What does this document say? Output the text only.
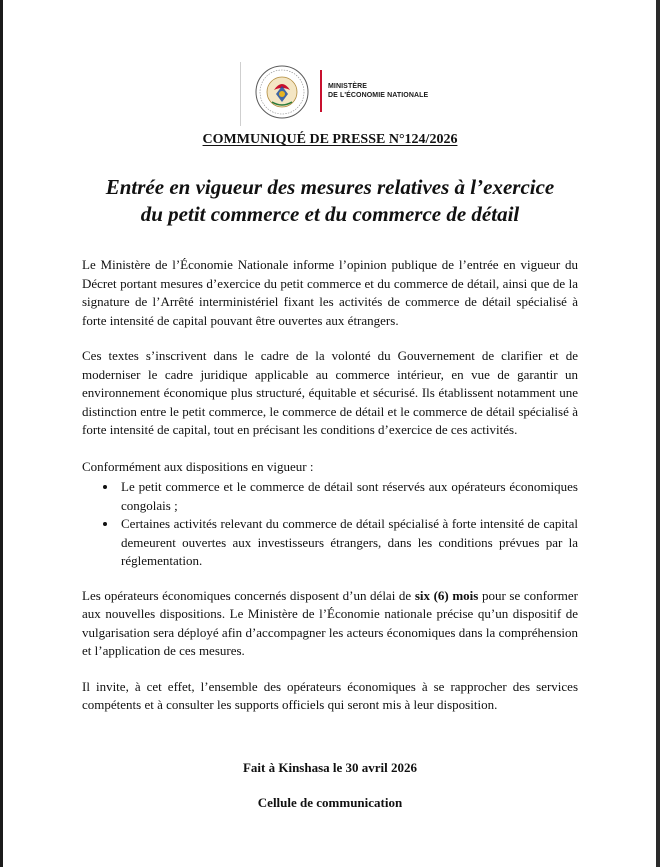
MINISTÈRE
DE L'ÉCONOMIE NATIONALE
COMMUNIQUÉ DE PRESSE N°124/2026
Entrée en vigueur des mesures relatives à l’exercice
du petit commerce et du commerce de détail

Le Ministère de l’Économie Nationale informe l’opinion publique de l’entrée en vigueur du Décret portant mesures d’exercice du petit commerce et du commerce de détail, ainsi que de la signature de l’Arrêté interministériel fixant les activités de commerce de détail spécialisé à forte intensité de capital pouvant être ouvertes aux étrangers.

Ces textes s’inscrivent dans le cadre de la volonté du Gouvernement de clarifier et de moderniser le cadre juridique applicable au commerce intérieur, en vue de garantir un environnement économique plus structuré, équitable et sécurisé. Ils établissent notamment une distinction entre le petit commerce, le commerce de détail et le commerce de détail spécialisé à forte intensité de capital, tout en précisant les conditions d’exercice de ces activités.

Conformément aux dispositions en vigueur :

• Le petit commerce et le commerce de détail sont réservés aux opérateurs économiques congolais ;
• Certaines activités relevant du commerce de détail spécialisé à forte intensité de capital demeurent ouvertes aux investisseurs étrangers, dans les conditions prévues par la réglementation.

Les opérateurs économiques concernés disposent d’un délai de six (6) mois pour se conformer aux nouvelles dispositions. Le Ministère de l’Économie nationale précise qu’un dispositif de vulgarisation sera déployé afin d’accompagner les acteurs économiques dans la compréhension et l’application de ces mesures.

Il invite, à cet effet, l’ensemble des opérateurs économiques à se rapprocher des services compétents et à consulter les supports officiels qui seront mis à leur disposition.

Fait à Kinshasa le 30 avril 2026
Cellule de communication
